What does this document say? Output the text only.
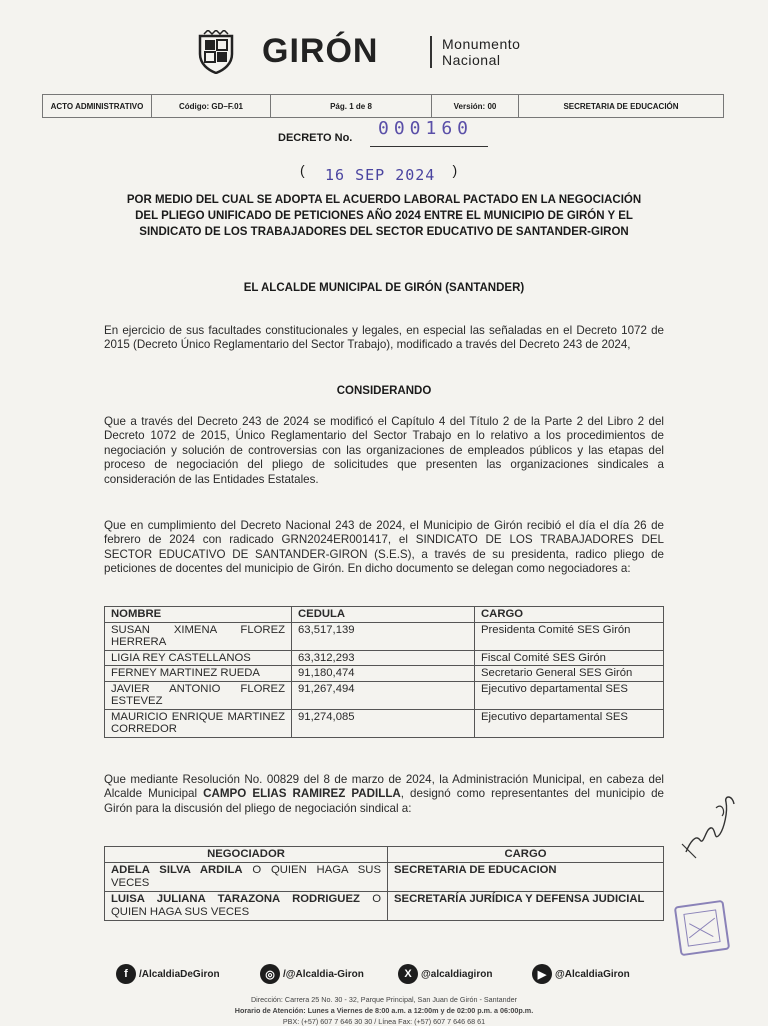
GIRÓN	Monumento
Nacional
ACTO ADMINISTRATIVO	Código: GD–F.01	Pág. 1 de 8	Versión: 00	SECRETARIA DE EDUCACIÓN
DECRETO No. 000160
(	)
16 SEP 2024
POR MEDIO DEL CUAL SE ADOPTA EL ACUERDO LABORAL PACTADO EN LA NEGOCIACIÓN DEL PLIEGO UNIFICADO DE PETICIONES AÑO 2024 ENTRE EL MUNICIPIO DE GIRÓN Y EL SINDICATO DE LOS TRABAJADORES DEL SECTOR EDUCATIVO DE SANTANDER-GIRON
EL ALCALDE MUNICIPAL DE GIRÓN (SANTANDER)
En ejercicio de sus facultades constitucionales y legales, en especial las señaladas en el Decreto 1072 de 2015 (Decreto Único Reglamentario del Sector Trabajo), modificado a través del Decreto 243 de 2024,
CONSIDERANDO
Que a través del Decreto 243 de 2024 se modificó el Capítulo 4 del Título 2 de la Parte 2 del Libro 2 del Decreto 1072 de 2015, Único Reglamentario del Sector Trabajo en lo relativo a los procedimientos de negociación y solución de controversias con las organizaciones de empleados públicos y las etapas del proceso de negociación del pliego de solicitudes que presenten las organizaciones sindicales a consideración de las Entidades Estatales.
Que en cumplimiento del Decreto Nacional 243 de 2024, el Municipio de Girón recibió el día el día 26 de febrero de 2024 con radicado GRN2024ER001417, el SINDICATO DE LOS TRABAJADORES DEL SECTOR EDUCATIVO DE SANTANDER-GIRON (S.E.S), a través de su presidenta, radico pliego de peticiones de docentes del municipio de Girón. En dicho documento se delegan como negociadores a:
NOMBRE	CEDULA	CARGO
SUSAN XIMENA FLOREZ HERRERA	63,517,139	Presidenta Comité SES Girón
LIGIA REY CASTELLANOS	63,312,293	Fiscal Comité SES Girón
FERNEY MARTINEZ RUEDA	91,180,474	Secretario General SES Girón
JAVIER ANTONIO FLOREZ ESTEVEZ	91,267,494	Ejecutivo departamental SES
MAURICIO ENRIQUE MARTINEZ CORREDOR	91,274,085	Ejecutivo departamental SES
Que mediante Resolución No. 00829 del 8 de marzo de 2024, la Administración Municipal, en cabeza del Alcalde Municipal CAMPO ELIAS RAMIREZ PADILLA, designó como representantes del municipio de Girón para la discusión del pliego de negociación sindical a:
NEGOCIADOR	CARGO
ADELA SILVA ARDILA O QUIEN HAGA SUS VECES	SECRETARIA DE EDUCACION
LUISA JULIANA TARAZONA RODRIGUEZ O QUIEN HAGA SUS VECES	SECRETARÍA JURÍDICA Y DEFENSA JUDICIAL
f	/AlcaldiaDeGiron	◎ /@Alcaldia-Giron	X @alcaldiagiron	▶ @AlcaldiaGiron
Dirección: Carrera 25 No. 30 - 32, Parque Principal, San Juan de Girón - Santander
Horario de Atención: Lunes a Viernes de 8:00 a.m. a 12:00m y de 02:00 p.m. a 06:00p.m.
PBX: (+57) 607 7 646 30 30 / Línea Fax: (+57) 607 7 646 68 61
